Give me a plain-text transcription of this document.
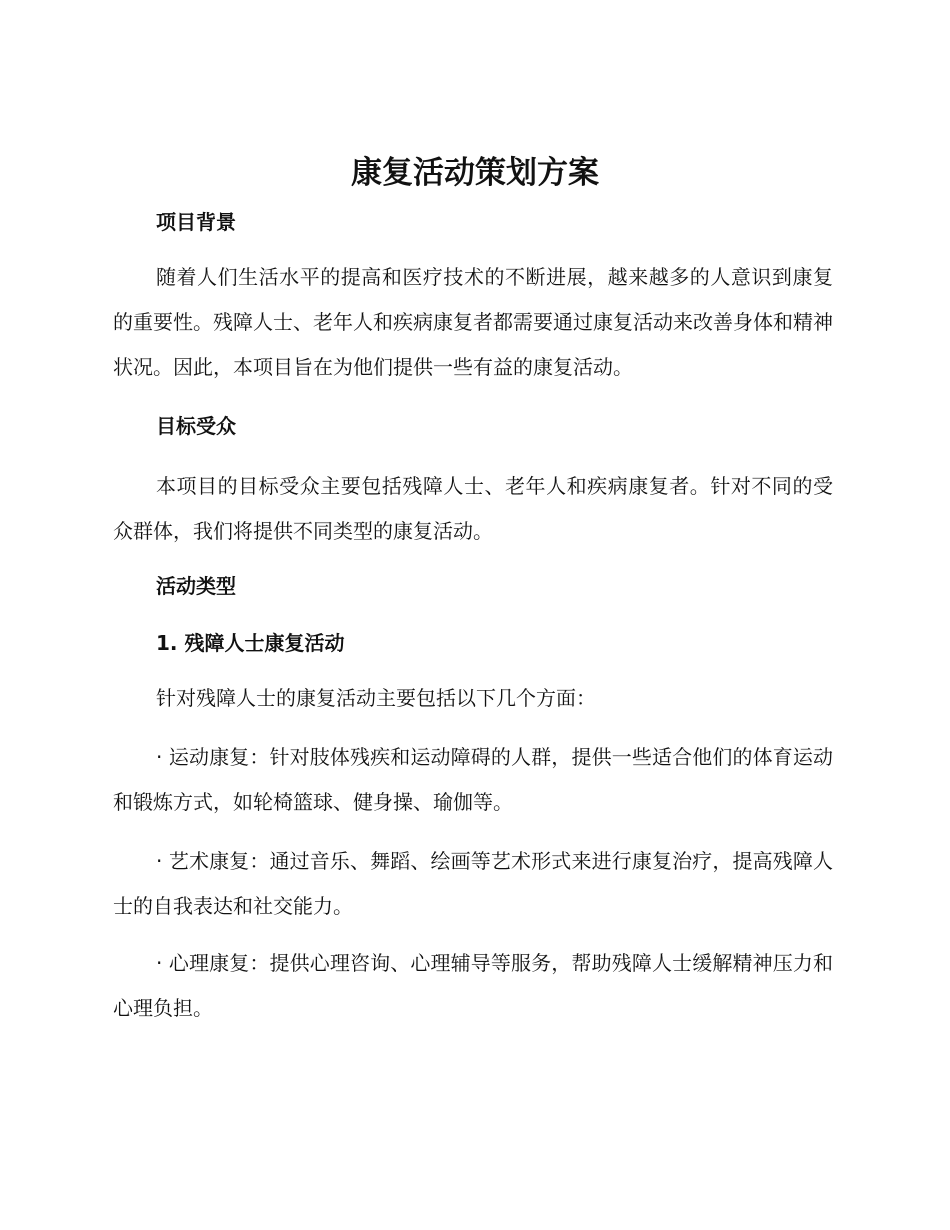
康复活动策划方案
项目背景

随着人们生活水平的提高和医疗技术的不断进展，越来越多的人意识到康复的重要性。残障人士、老年人和疾病康复者都需要通过康复活动来改善身体和精神状况。因此，本项目旨在为他们提供一些有益的康复活动。

目标受众

本项目的目标受众主要包括残障人士、老年人和疾病康复者。针对不同的受众群体，我们将提供不同类型的康复活动。

活动类型
1. 残障人士康复活动

针对残障人士的康复活动主要包括以下几个方面：

· 运动康复：针对肢体残疾和运动障碍的人群，提供一些适合他们的体育运动和锻炼方式，如轮椅篮球、健身操、瑜伽等。

· 艺术康复：通过音乐、舞蹈、绘画等艺术形式来进行康复治疗，提高残障人士的自我表达和社交能力。

· 心理康复：提供心理咨询、心理辅导等服务，帮助残障人士缓解精神压力和心理负担。
